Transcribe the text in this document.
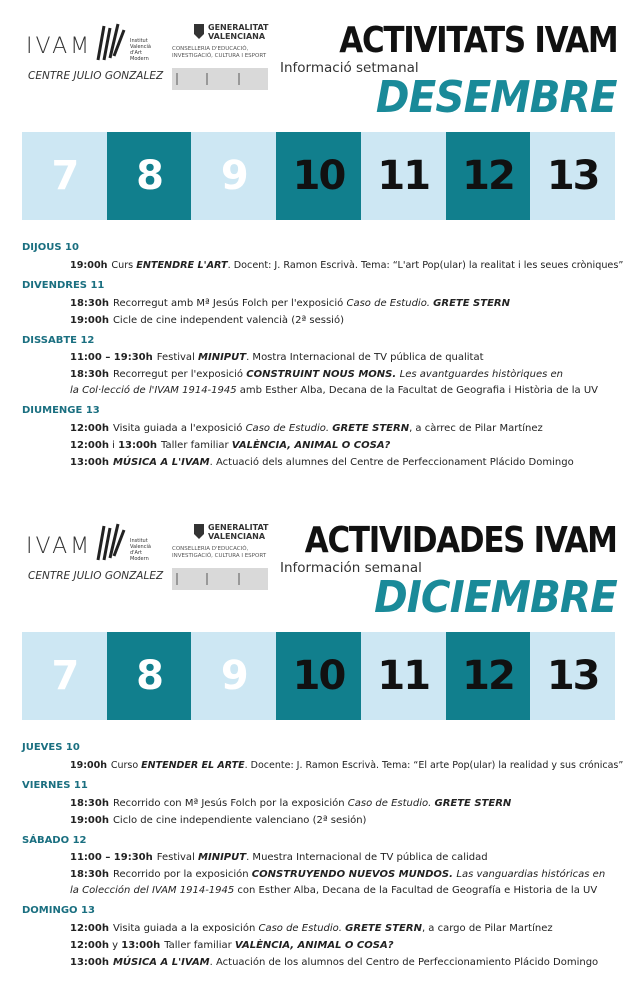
IVAM	Institut
Valencià
d'Art
Modern
CENTRE JULIO GONZALEZ
GENERALITAT
VALENCIANA
CONSELLERIA D'EDUCACIÓ,
INVESTIGACIÓ, CULTURA I ESPORT ACTIVITATS IVAM
Informació setmanal
DESEMBRE
7	8	9	10 11 12 13
DIJOUS 10
19:00h Curs ENTENDRE L'ART. Docent: J. Ramon Escrivà. Tema: “L'art Pop(ular) la realitat i les seues cròniques”
DIVENDRES 11
18:30h Recorregut amb Mª Jesús Folch per l'exposició Caso de Estudio. GRETE STERN
19:00h Cicle de cine independent valencià (2ª sessió)
DISSABTE 12
11:00 – 19:30h Festival MINIPUT. Mostra Internacional de TV pública de qualitat
18:30h Recorregut per l'exposició CONSTRUINT NOUS MONS. Les avantguardes històriques en
la Col·lecció de l'IVAM 1914-1945 amb Esther Alba, Decana de la Facultat de Geografia i Història de la UV
DIUMENGE 13
12:00h Visita guiada a l'exposició Caso de Estudio. GRETE STERN, a càrrec de Pilar Martínez
12:00h i 13:00h Taller familiar VALÈNCIA, ANIMAL O COSA?
13:00h MÚSICA A L'IVAM. Actuació dels alumnes del Centre de Perfeccionament Plácido Domingo
IVAM	Institut
Valencià
d'Art
Modern
CENTRE JULIO GONZALEZ
GENERALITAT
VALENCIANA
CONSELLERIA D'EDUCACIÓ,
INVESTIGACIÓ, CULTURA I ESPORT ACTIVIDADES IVAM
Información semanal
DICIEMBRE
7	8	9	10 11 12 13
JUEVES 10
19:00h Curso ENTENDER EL ARTE. Docente: J. Ramon Escrivà. Tema: “El arte Pop(ular) la realidad y sus crónicas”
VIERNES 11
18:30h Recorrido con Mª Jesús Folch por la exposición Caso de Estudio. GRETE STERN
19:00h Ciclo de cine independiente valenciano (2ª sesión)
SÁBADO 12
11:00 – 19:30h Festival MINIPUT. Muestra Internacional de TV pública de calidad
18:30h Recorrido por la exposición CONSTRUYENDO NUEVOS MUNDOS. Las vanguardias históricas en
la Colección del IVAM 1914-1945 con Esther Alba, Decana de la Facultad de Geografía e Historia de la UV
DOMINGO 13
12:00h Visita guiada a la exposición Caso de Estudio. GRETE STERN, a cargo de Pilar Martínez
12:00h y 13:00h Taller familiar VALÈNCIA, ANIMAL O COSA?
13:00h MÚSICA A L'IVAM. Actuación de los alumnos del Centro de Perfeccionamiento Plácido Domingo
